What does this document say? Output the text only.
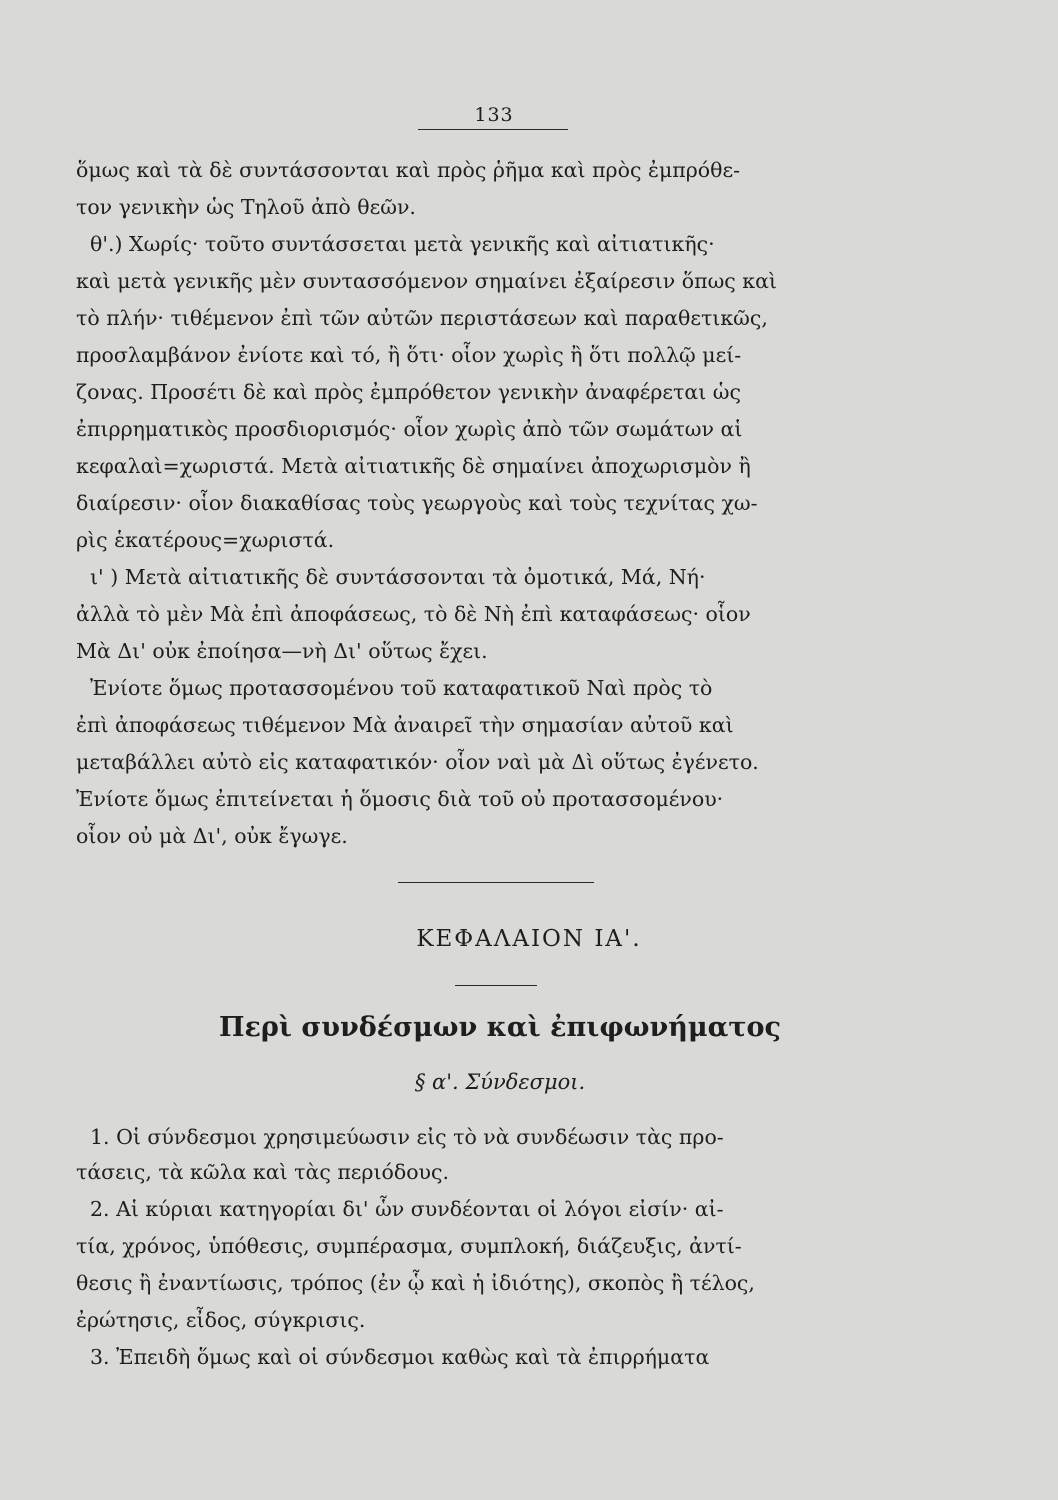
133
ὅμως καὶ τὰ δὲ συντάσσονται καὶ πρὸς ῥῆμα καὶ πρὸς ἐμπρόθε-
τον γενικὴν ὡς Τηλοῦ ἀπὸ θεῶν.
θ'.) Χωρίς· τοῦτο συντάσσεται μετὰ γενικῆς καὶ αἰτιατικῆς·
καὶ μετὰ γενικῆς μὲν συντασσόμενον σημαίνει ἐξαίρεσιν ὅπως καὶ
τὸ πλήν· τιθέμενον ἐπὶ τῶν αὐτῶν περιστάσεων καὶ παραθετικῶς,
προσλαμβάνον ἐνίοτε καὶ τό, ἢ ὅτι· οἷον χωρὶς ἢ ὅτι πολλῷ μεί-
ζονας. Προσέτι δὲ καὶ πρὸς ἐμπρόθετον γενικὴν ἀναφέρεται ὡς
ἐπιρρηματικὸς προσδιορισμός· οἷον χωρὶς ἀπὸ τῶν σωμάτων αἱ
κεφαλαὶ=χωριστά. Μετὰ αἰτιατικῆς δὲ σημαίνει ἀποχωρισμὸν ἢ
διαίρεσιν· οἷον διακαθίσας τοὺς γεωργοὺς καὶ τοὺς τεχνίτας χω-
ρὶς ἑκατέρους=χωριστά.
ι' ) Μετὰ αἰτιατικῆς δὲ συντάσσονται τὰ ὀμοτικά, Μά, Νή·
ἀλλὰ τὸ μὲν Μὰ ἐπὶ ἀποφάσεως, τὸ δὲ Νὴ ἐπὶ καταφάσεως· οἷον
Μὰ Δι' οὐκ ἐποίησα—νὴ Δι' οὕτως ἔχει.
Ἐνίοτε ὅμως προτασσομένου τοῦ καταφατικοῦ Ναὶ πρὸς τὸ
ἐπὶ ἀποφάσεως τιθέμενον Μὰ ἀναιρεῖ τὴν σημασίαν αὐτοῦ καὶ
μεταβάλλει αὐτὸ εἰς καταφατικόν· οἷον ναὶ μὰ Δὶ οὕτως ἐγένετο.
Ἐνίοτε ὅμως ἐπιτείνεται ἡ ὅμοσις διὰ τοῦ οὐ προτασσομένου·
οἷον οὐ μὰ Δι', οὐκ ἔγωγε.
ΚΕΦΑΛΑΙΟΝ ΙΑ'.
Περὶ συνδέσμων καὶ ἐπιφωνήματος
§ α'. Σύνδεσμοι.
1. Οἱ σύνδεσμοι χρησιμεύωσιν εἰς τὸ νὰ συνδέωσιν τὰς προ-
τάσεις, τὰ κῶλα καὶ τὰς περιόδους.
2. Αἱ κύριαι κατηγορίαι δι' ὧν συνδέονται οἱ λόγοι εἰσίν· αἰ-
τία, χρόνος, ὑπόθεσις, συμπέρασμα, συμπλοκή, διάζευξις, ἀντί-
θεσις ἢ ἐναντίωσις, τρόπος (ἐν ᾧ καὶ ἡ ἰδιότης), σκοπὸς ἢ τέλος,
ἐρώτησις, εἶδος, σύγκρισις.
3. Ἐπειδὴ ὅμως καὶ οἱ σύνδεσμοι καθὼς καὶ τὰ ἐπιρρήματα
